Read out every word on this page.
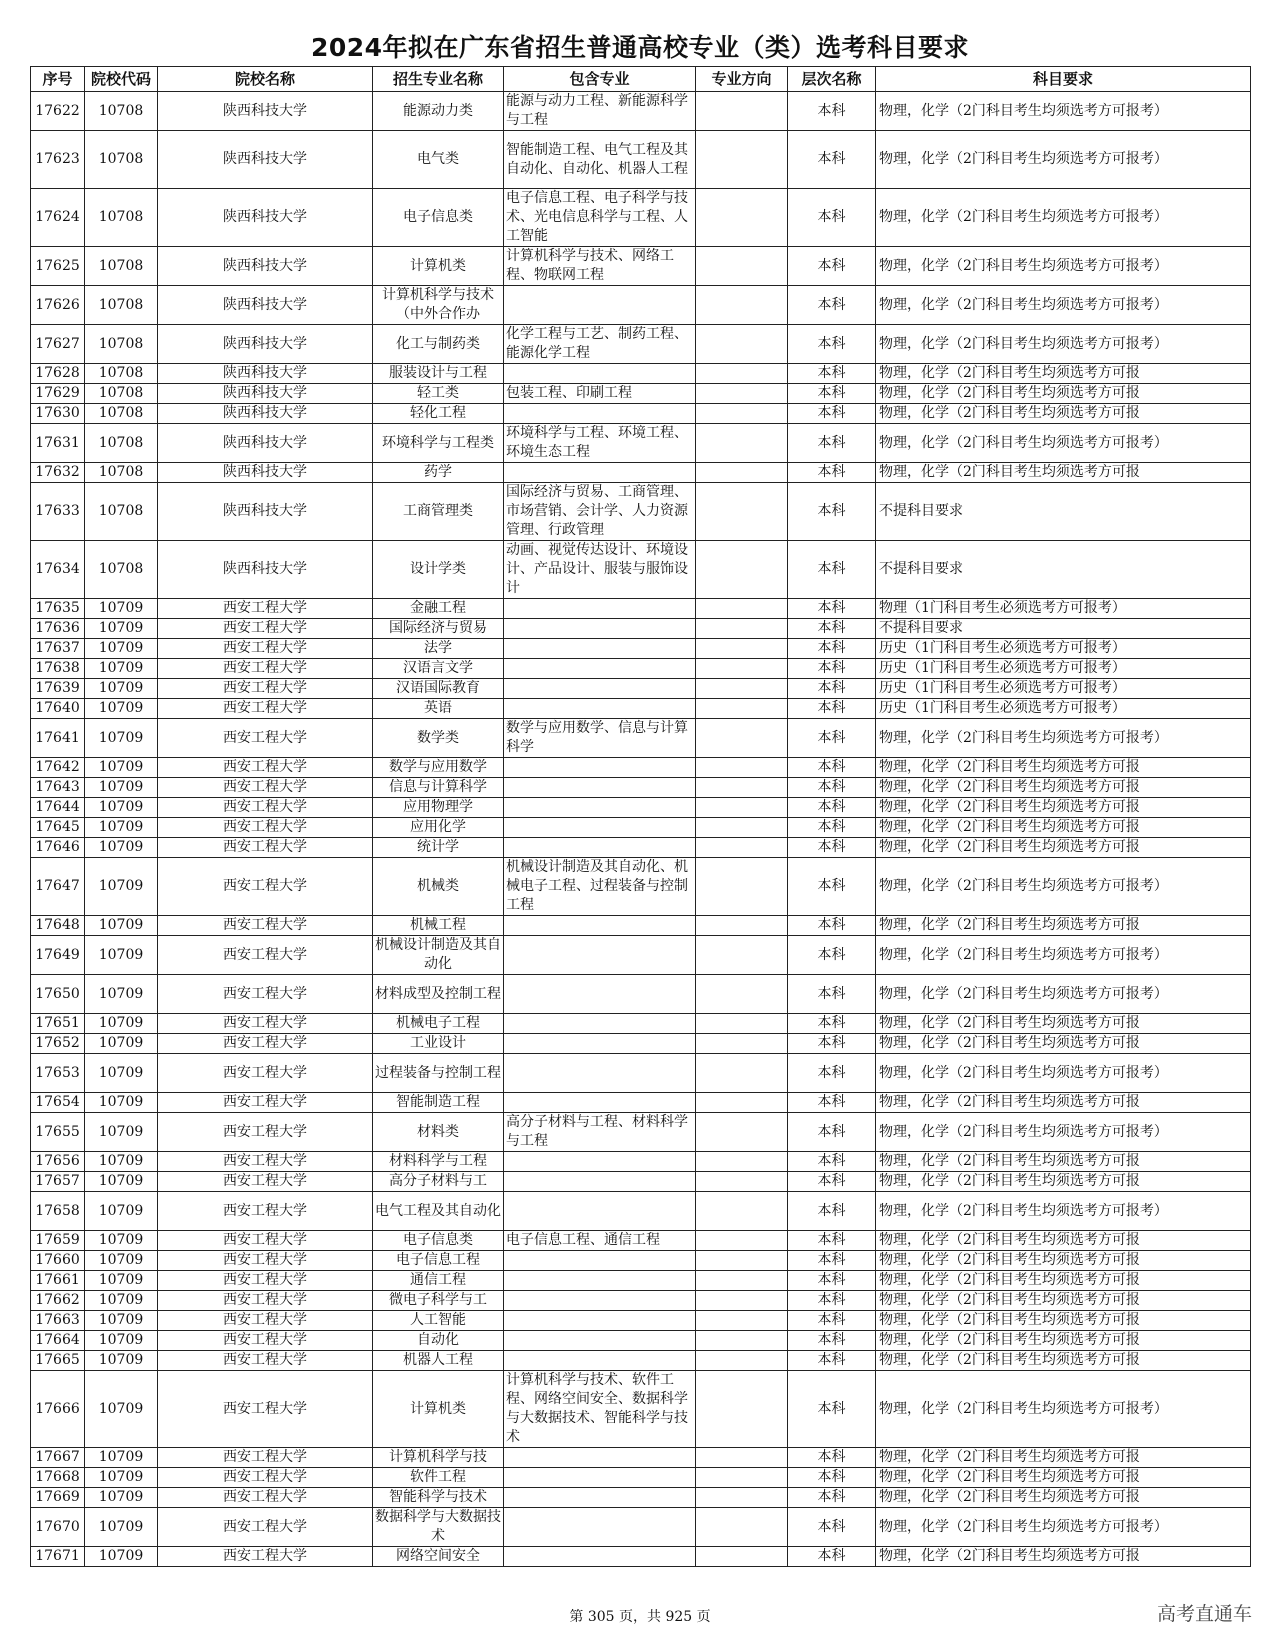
2024年拟在广东省招生普通高校专业（类）选考科目要求
序号	院校代码	院校名称	招生专业名称	包含专业	专业方向	层次名称	科目要求
17622	10708	陕西科技大学	能源动力类	能源与动力工程、新能源科学与工程		本科	物理，化学（2门科目考生均须选考方可报考）
17623	10708	陕西科技大学	电气类	智能制造工程、电气工程及其自动化、自动化、机器人工程		本科	物理，化学（2门科目考生均须选考方可报考）
17624	10708	陕西科技大学	电子信息类	电子信息工程、电子科学与技术、光电信息科学与工程、人工智能		本科	物理，化学（2门科目考生均须选考方可报考）
17625	10708	陕西科技大学	计算机类	计算机科学与技术、网络工程、物联网工程		本科	物理，化学（2门科目考生均须选考方可报考）
17626	10708	陕西科技大学	计算机科学与技术（中外合作办			本科	物理，化学（2门科目考生均须选考方可报考）
17627	10708	陕西科技大学	化工与制药类	化学工程与工艺、制药工程、能源化学工程		本科	物理，化学（2门科目考生均须选考方可报考）
17628	10708	陕西科技大学	服装设计与工程			本科	物理，化学（2门科目考生均须选考方可报
17629	10708	陕西科技大学	轻工类	包装工程、印刷工程		本科	物理，化学（2门科目考生均须选考方可报
17630	10708	陕西科技大学	轻化工程			本科	物理，化学（2门科目考生均须选考方可报
17631	10708	陕西科技大学	环境科学与工程类	环境科学与工程、环境工程、环境生态工程		本科	物理，化学（2门科目考生均须选考方可报考）
17632	10708	陕西科技大学	药学			本科	物理，化学（2门科目考生均须选考方可报
17633	10708	陕西科技大学	工商管理类	国际经济与贸易、工商管理、市场营销、会计学、人力资源管理、行政管理		本科	不提科目要求
17634	10708	陕西科技大学	设计学类	动画、视觉传达设计、环境设计、产品设计、服装与服饰设计		本科	不提科目要求
17635	10709	西安工程大学	金融工程			本科	物理（1门科目考生必须选考方可报考）
17636	10709	西安工程大学	国际经济与贸易			本科	不提科目要求
17637	10709	西安工程大学	法学			本科	历史（1门科目考生必须选考方可报考）
17638	10709	西安工程大学	汉语言文学			本科	历史（1门科目考生必须选考方可报考）
17639	10709	西安工程大学	汉语国际教育			本科	历史（1门科目考生必须选考方可报考）
17640	10709	西安工程大学	英语			本科	历史（1门科目考生必须选考方可报考）
17641	10709	西安工程大学	数学类	数学与应用数学、信息与计算科学		本科	物理，化学（2门科目考生均须选考方可报考）
17642	10709	西安工程大学	数学与应用数学			本科	物理，化学（2门科目考生均须选考方可报
17643	10709	西安工程大学	信息与计算科学			本科	物理，化学（2门科目考生均须选考方可报
17644	10709	西安工程大学	应用物理学			本科	物理，化学（2门科目考生均须选考方可报
17645	10709	西安工程大学	应用化学			本科	物理，化学（2门科目考生均须选考方可报
17646	10709	西安工程大学	统计学			本科	物理，化学（2门科目考生均须选考方可报
17647	10709	西安工程大学	机械类	机械设计制造及其自动化、机械电子工程、过程装备与控制工程		本科	物理，化学（2门科目考生均须选考方可报考）
17648	10709	西安工程大学	机械工程			本科	物理，化学（2门科目考生均须选考方可报
17649	10709	西安工程大学	机械设计制造及其自动化			本科	物理，化学（2门科目考生均须选考方可报考）
17650	10709	西安工程大学	材料成型及控制工程			本科	物理，化学（2门科目考生均须选考方可报考）
17651	10709	西安工程大学	机械电子工程			本科	物理，化学（2门科目考生均须选考方可报
17652	10709	西安工程大学	工业设计			本科	物理，化学（2门科目考生均须选考方可报
17653	10709	西安工程大学	过程装备与控制工程			本科	物理，化学（2门科目考生均须选考方可报考）
17654	10709	西安工程大学	智能制造工程			本科	物理，化学（2门科目考生均须选考方可报
17655	10709	西安工程大学	材料类	高分子材料与工程、材料科学与工程		本科	物理，化学（2门科目考生均须选考方可报考）
17656	10709	西安工程大学	材料科学与工程			本科	物理，化学（2门科目考生均须选考方可报
17657	10709	西安工程大学	高分子材料与工			本科	物理，化学（2门科目考生均须选考方可报
17658	10709	西安工程大学	电气工程及其自动化			本科	物理，化学（2门科目考生均须选考方可报考）
17659	10709	西安工程大学	电子信息类	电子信息工程、通信工程		本科	物理，化学（2门科目考生均须选考方可报
17660	10709	西安工程大学	电子信息工程			本科	物理，化学（2门科目考生均须选考方可报
17661	10709	西安工程大学	通信工程			本科	物理，化学（2门科目考生均须选考方可报
17662	10709	西安工程大学	微电子科学与工			本科	物理，化学（2门科目考生均须选考方可报
17663	10709	西安工程大学	人工智能			本科	物理，化学（2门科目考生均须选考方可报
17664	10709	西安工程大学	自动化			本科	物理，化学（2门科目考生均须选考方可报
17665	10709	西安工程大学	机器人工程			本科	物理，化学（2门科目考生均须选考方可报
17666	10709	西安工程大学	计算机类	计算机科学与技术、软件工程、网络空间安全、数据科学与大数据技术、智能科学与技术		本科	物理，化学（2门科目考生均须选考方可报考）
17667	10709	西安工程大学	计算机科学与技			本科	物理，化学（2门科目考生均须选考方可报
17668	10709	西安工程大学	软件工程			本科	物理，化学（2门科目考生均须选考方可报
17669	10709	西安工程大学	智能科学与技术			本科	物理，化学（2门科目考生均须选考方可报
17670	10709	西安工程大学	数据科学与大数据技术			本科	物理，化学（2门科目考生均须选考方可报考）
17671	10709	西安工程大学	网络空间安全			本科	物理，化学（2门科目考生均须选考方可报
第 305 页，共 925 页	高考直通车
